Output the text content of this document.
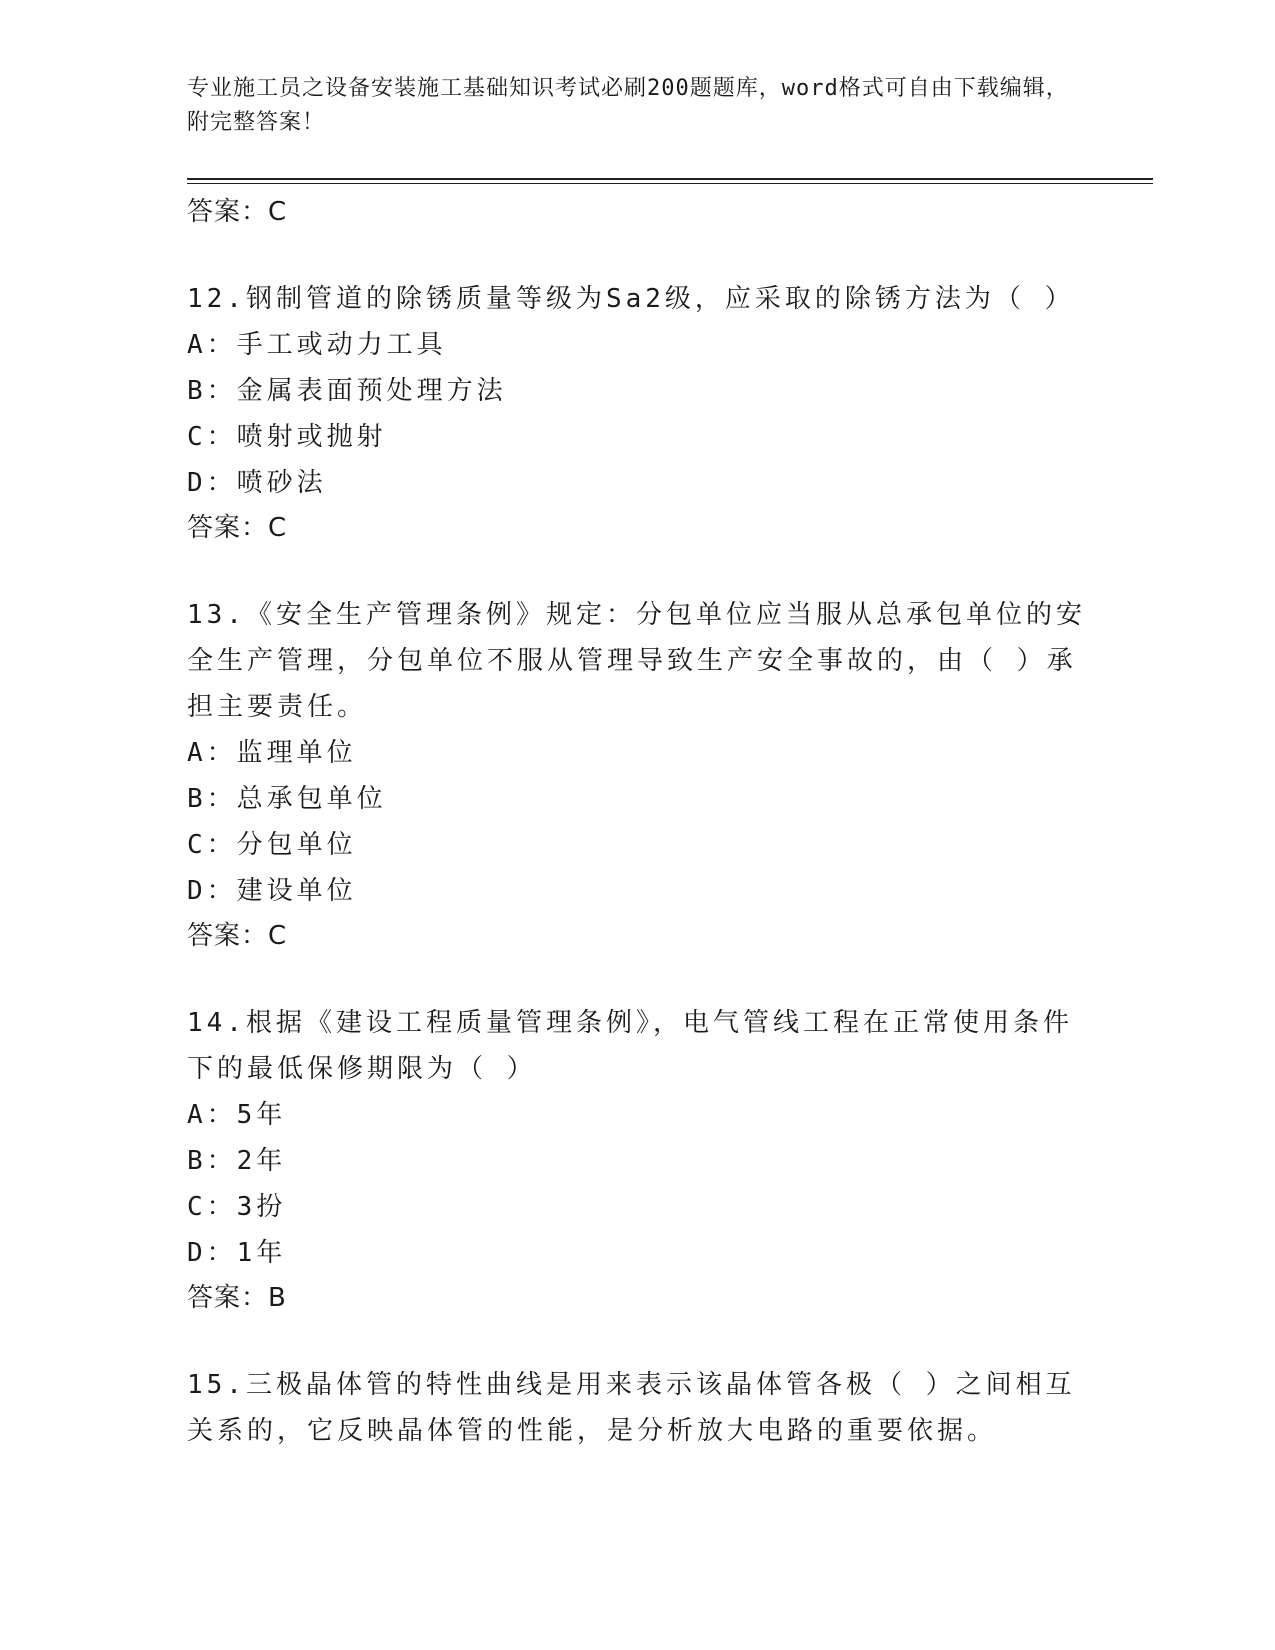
专业施工员之设备安装施工基础知识考试必刷200题题库，word格式可自由下载编辑，附完整答案！
答案：C
12.钢制管道的除锈质量等级为Sa2级，应采取的除锈方法为（ ）
A：手工或动力工具
B：金属表面预处理方法
C：喷射或抛射
D：喷砂法
答案：C
13.《安全生产管理条例》规定：分包单位应当服从总承包单位的安全生产管理，分包单位不服从管理导致生产安全事故的，由（ ）承担主要责任。
A：监理单位
B：总承包单位
C：分包单位
D：建设单位
答案：C
14.根据《建设工程质量管理条例》，电气管线工程在正常使用条件下的最低保修期限为（ ）
A：5年
B：2年
C：3扮
D：1年
答案：B
15.三极晶体管的特性曲线是用来表示该晶体管各极（ ）之间相互关系的，它反映晶体管的性能，是分析放大电路的重要依据。
